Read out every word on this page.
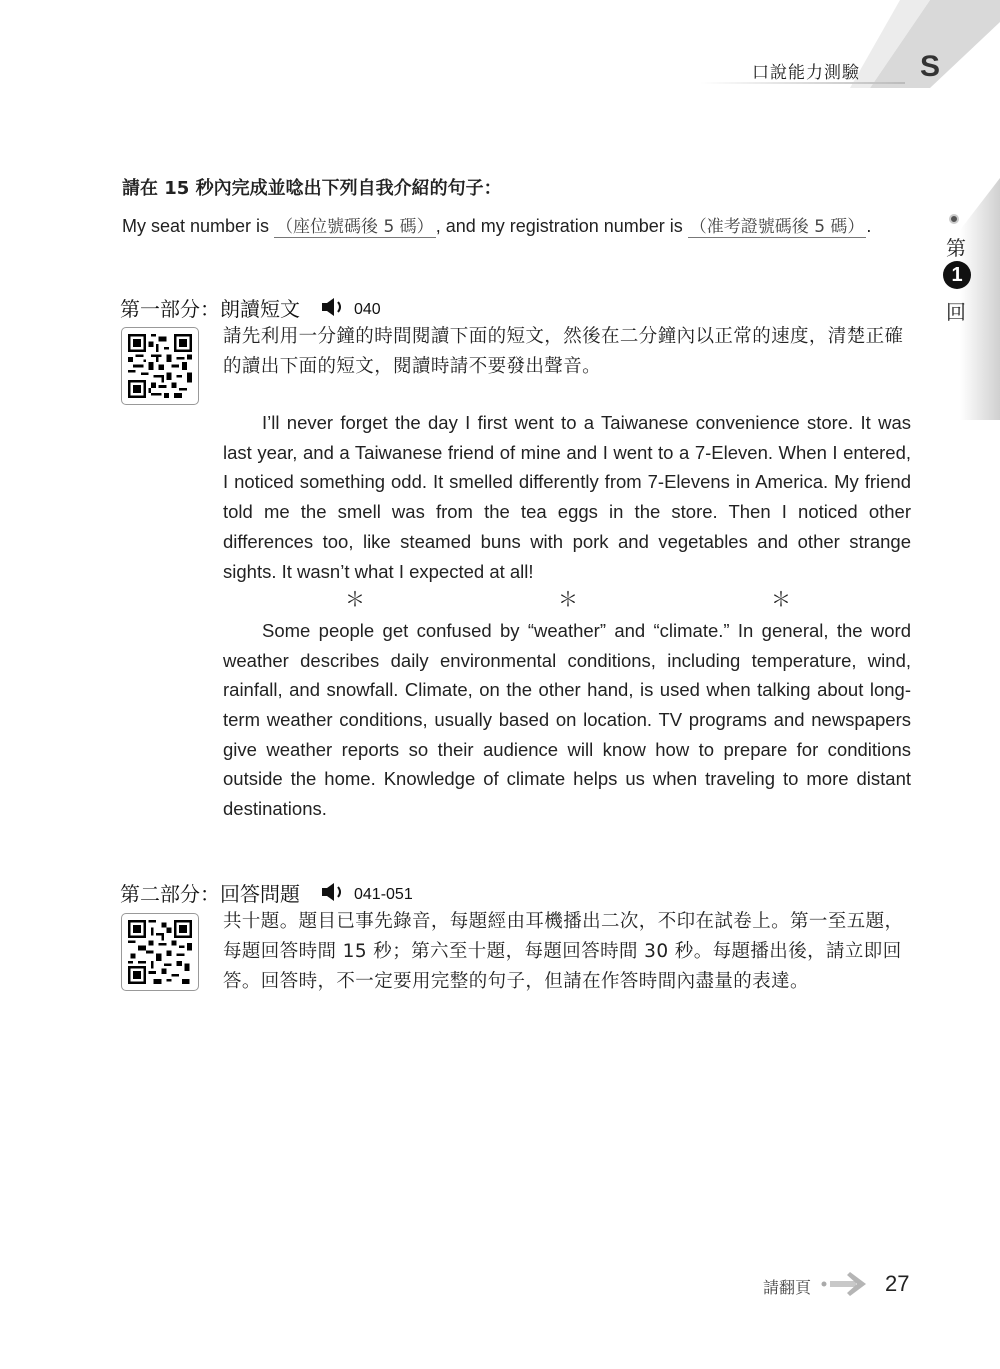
口說能力測驗 S
第
1
回
請在 15 秒內完成並唸出下列自我介紹的句子：
My seat number is （座位號碼後 5 碼） , and my registration number is （准考證號碼後 5 碼） .
第一部分：朗讀短文	040
請先利用一分鐘的時間閱讀下面的短文，然後在二分鐘內以正常的速度，清楚正確的讀出下面的短文，閱讀時請不要發出聲音。

I’ll never forget the day I first went to a Taiwanese convenience store. It was last year, and a Taiwanese friend of mine and I went to a 7-Eleven. When I entered, I noticed something odd. It smelled differently from 7-Elevens in America. My friend told me the smell was from the tea eggs in the store. Then I noticed other differences too, like steamed buns with pork and vegetables and other strange sights. It wasn’t what I expected at all!

＊	＊	＊

Some people get confused by “weather” and “climate.” In general, the word weather describes daily environmental conditions, including temperature, wind, rainfall, and snowfall. Climate, on the other hand, is used when talking about long-term weather conditions, usually based on location. TV programs and newspapers give weather reports so their audience will know how to prepare for conditions outside the home. Knowledge of climate helps us when traveling to more distant destinations.

第二部分：回答問題	041-051
共十題。題目已事先錄音，每題經由耳機播出二次，不印在試卷上。第一至五題，每題回答時間 15 秒；第六至十題，每題回答時間 30 秒。每題播出後，請立即回答。回答時，不一定要用完整的句子，但請在作答時間內盡量的表達。
請翻頁	27
